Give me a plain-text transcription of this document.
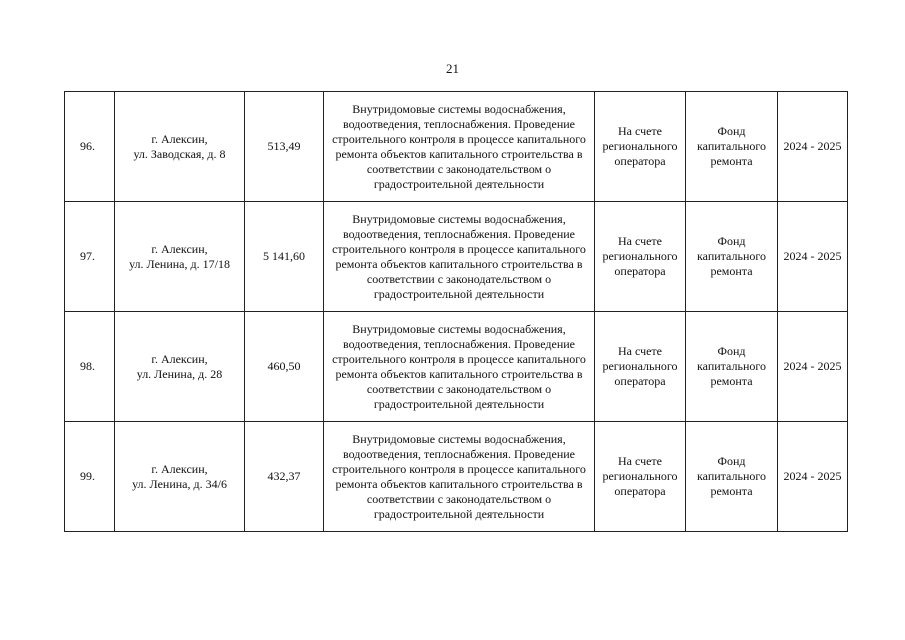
21
96.	г. Алексин,
ул. Заводская, д. 8	513,49	Внутридомовые системы водоснабжения, водоотведения, теплоснабжения. Проведение строительного контроля в процессе капитального ремонта объектов капитального строительства в соответствии с законодательством о градостроительной деятельности	На счете регионального оператора	Фонд капитального ремонта	2024 - 2025
97.	г. Алексин,
ул. Ленина, д. 17/18	5 141,60	Внутридомовые системы водоснабжения, водоотведения, теплоснабжения. Проведение строительного контроля в процессе капитального ремонта объектов капитального строительства в соответствии с законодательством о градостроительной деятельности	На счете регионального оператора	Фонд капитального ремонта	2024 - 2025
98.	г. Алексин,
ул. Ленина, д. 28	460,50	Внутридомовые системы водоснабжения, водоотведения, теплоснабжения. Проведение строительного контроля в процессе капитального ремонта объектов капитального строительства в соответствии с законодательством о градостроительной деятельности	На счете регионального оператора	Фонд капитального ремонта	2024 - 2025
99.	г. Алексин,
ул. Ленина, д. 34/6	432,37	Внутридомовые системы водоснабжения, водоотведения, теплоснабжения. Проведение строительного контроля в процессе капитального ремонта объектов капитального строительства в соответствии с законодательством о градостроительной деятельности	На счете регионального оператора	Фонд капитального ремонта	2024 - 2025
